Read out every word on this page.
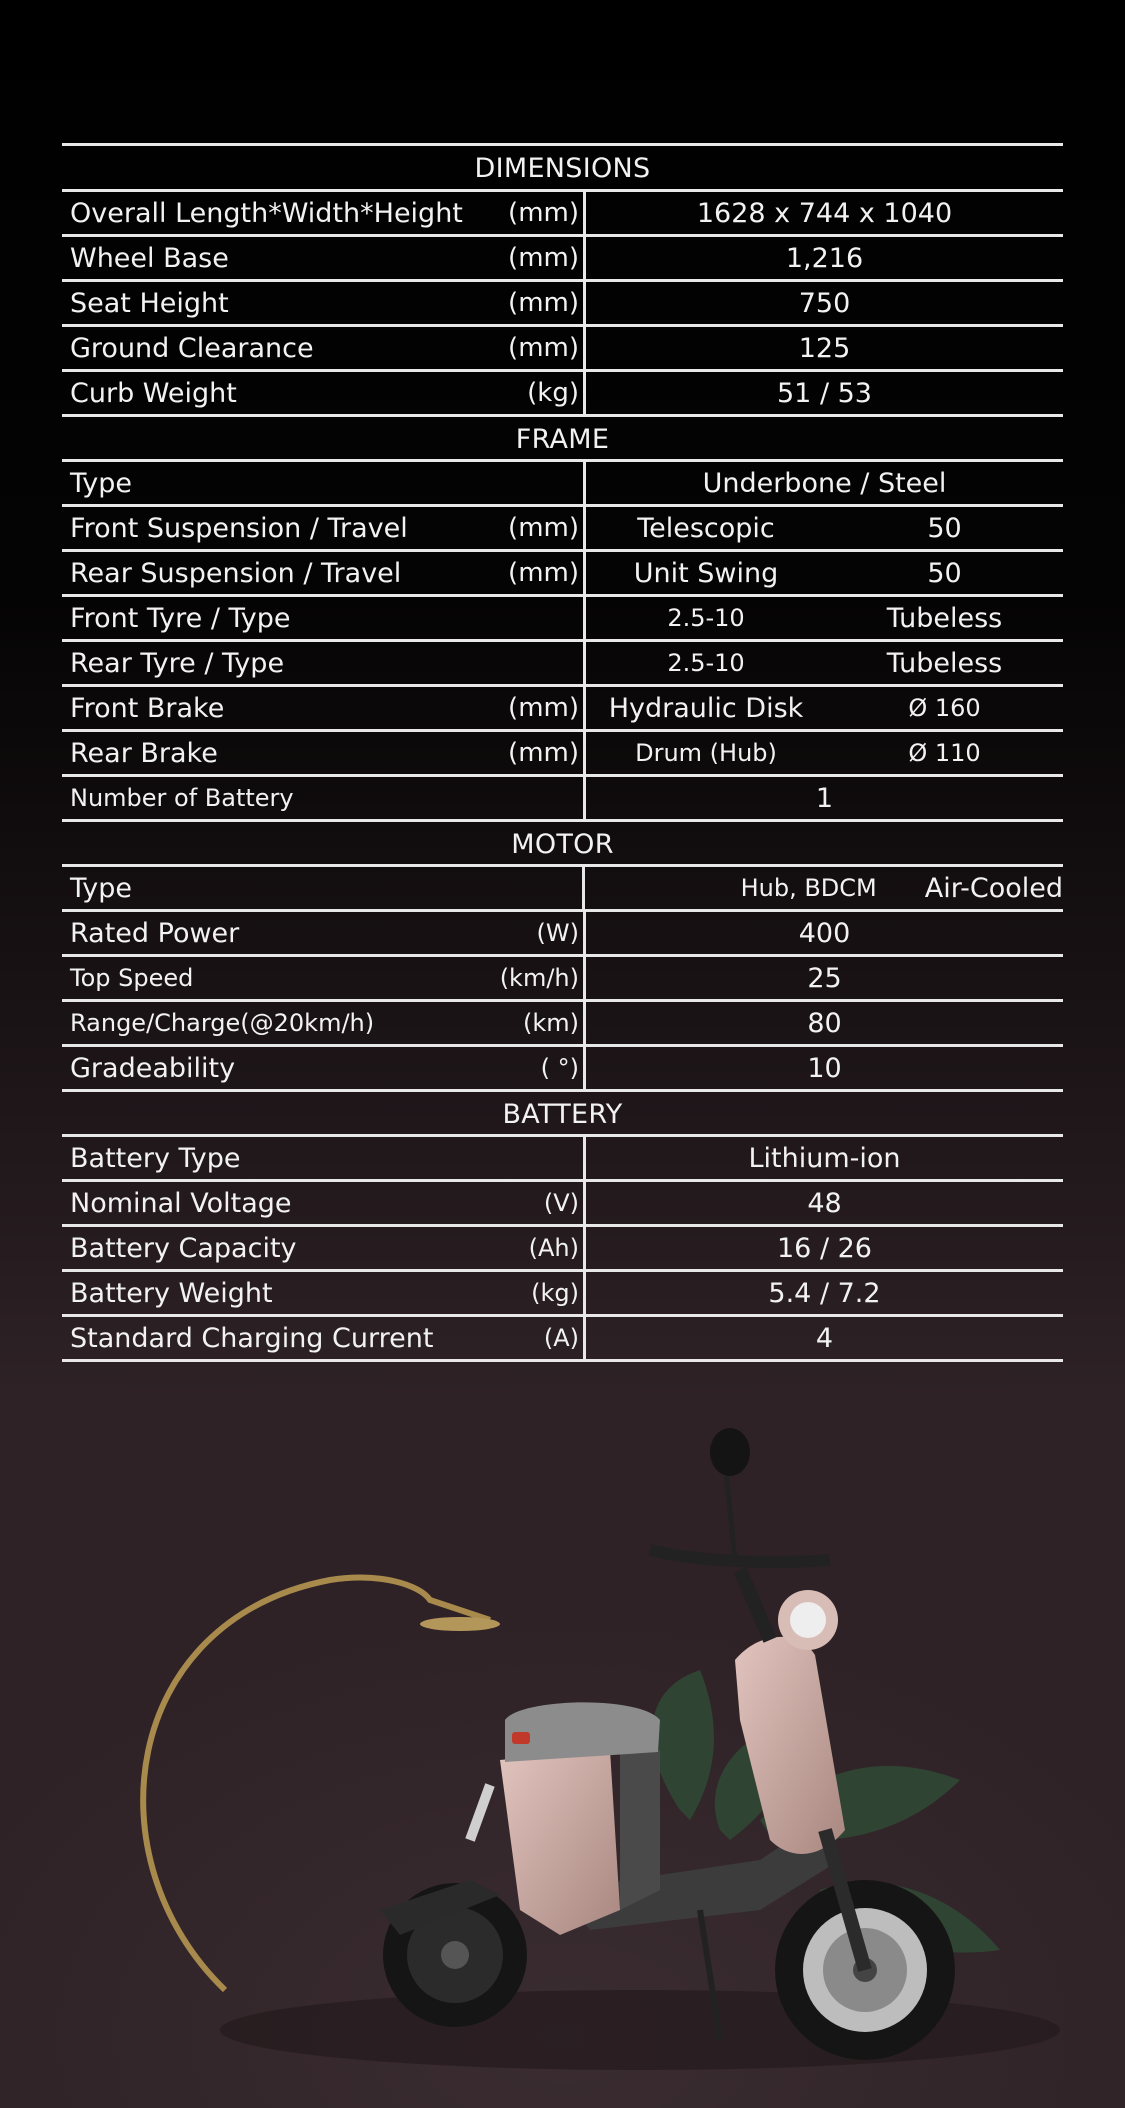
DIMENSIONS
Overall Length*Width*Height	(mm)	1628 x 744 x 1040
Wheel Base	(mm)	1,216
Seat Height	(mm)	750
Ground Clearance	(mm)	125
Curb Weight	(kg)	51 / 53
FRAME
Type	Underbone / Steel
Front Suspension / Travel	(mm)	Telescopic	50
Rear Suspension / Travel	(mm)	Unit Swing	50
Front Tyre / Type	2.5-10	Tubeless
Rear Tyre / Type	2.5-10	Tubeless
Front Brake	(mm)	Hydraulic Disk	Ø 160
Rear Brake	(mm)	Drum (Hub)	Ø 110
Number of Battery	1
MOTOR
Type	Hub, BDCM	Air-Cooled
Rated Power	(W)	400
Top Speed	(km/h)	25
Range/Charge(@20km/h)	(km)	80
Gradeability	( °)	10
BATTERY
Battery Type	Lithium-ion
Nominal Voltage	(V)	48
Battery Capacity	(Ah)	16 / 26
Battery Weight	(kg)	5.4 / 7.2
Standard Charging Current	(A)	4
